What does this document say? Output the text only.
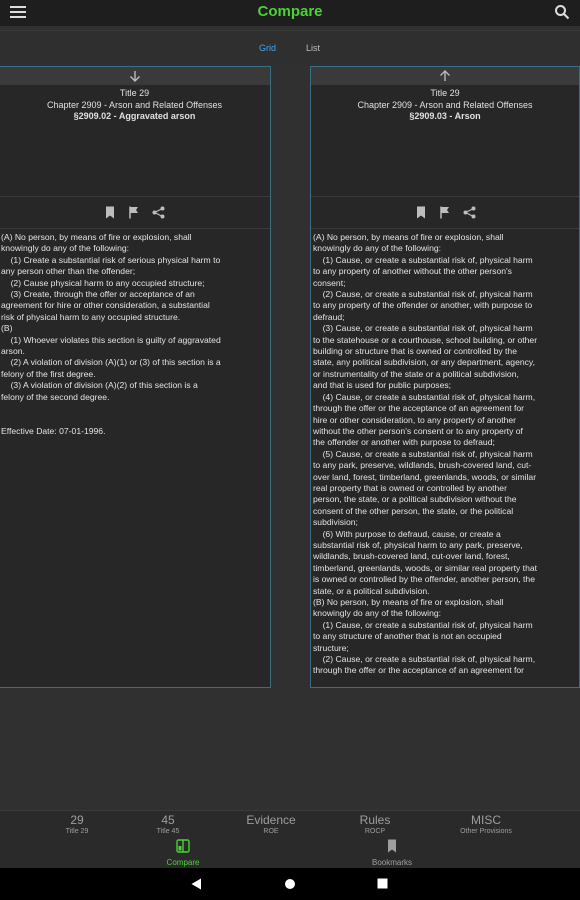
Compare
Grid	List
Title 29
Chapter 2909 - Arson and Related Offenses
§2909.02 - Aggravated arson
(A) No person, by means of fire or explosion, shall
knowingly do any of the following:
(1) Create a substantial risk of serious physical harm to
any person other than the offender;
(2) Cause physical harm to any occupied structure;
(3) Create, through the offer or acceptance of an
agreement for hire or other consideration, a substantial
risk of physical harm to any occupied structure.
(B)
(1) Whoever violates this section is guilty of aggravated
arson.
(2) A violation of division (A)(1) or (3) of this section is a
felony of the first degree.
(3) A violation of division (A)(2) of this section is a
felony of the second degree.

Effective Date: 07-01-1996.
Title 29
Chapter 2909 - Arson and Related Offenses
§2909.03 - Arson
(A) No person, by means of fire or explosion, shall
knowingly do any of the following:
(1) Cause, or create a substantial risk of, physical harm
to any property of another without the other person's
consent;
(2) Cause, or create a substantial risk of, physical harm
to any property of the offender or another, with purpose to
defraud;
(3) Cause, or create a substantial risk of, physical harm
to the statehouse or a courthouse, school building, or other
building or structure that is owned or controlled by the
state, any political subdivision, or any department, agency,
or instrumentality of the state or a political subdivision,
and that is used for public purposes;
(4) Cause, or create a substantial risk of, physical harm,
through the offer or the acceptance of an agreement for
hire or other consideration, to any property of another
without the other person's consent or to any property of
the offender or another with purpose to defraud;
(5) Cause, or create a substantial risk of, physical harm
to any park, preserve, wildlands, brush-covered land, cut-
over land, forest, timberland, greenlands, woods, or similar
real property that is owned or controlled by another
person, the state, or a political subdivision without the
consent of the other person, the state, or the political
subdivision;
(6) With purpose to defraud, cause, or create a
substantial risk of, physical harm to any park, preserve,
wildlands, brush-covered land, cut-over land, forest,
timberland, greenlands, woods, or similar real property that
is owned or controlled by the offender, another person, the
state, or a political subdivision.
(B) No person, by means of fire or explosion, shall
knowingly do any of the following:
(1) Cause, or create a substantial risk of, physical harm
to any structure of another that is not an occupied
structure;
(2) Cause, or create a substantial risk of, physical harm,
through the offer or the acceptance of an agreement for
29
Title 29
45
Title 45
Evidence
ROE
Rules
ROCP
MISC
Other Provisions
Compare	Bookmarks
